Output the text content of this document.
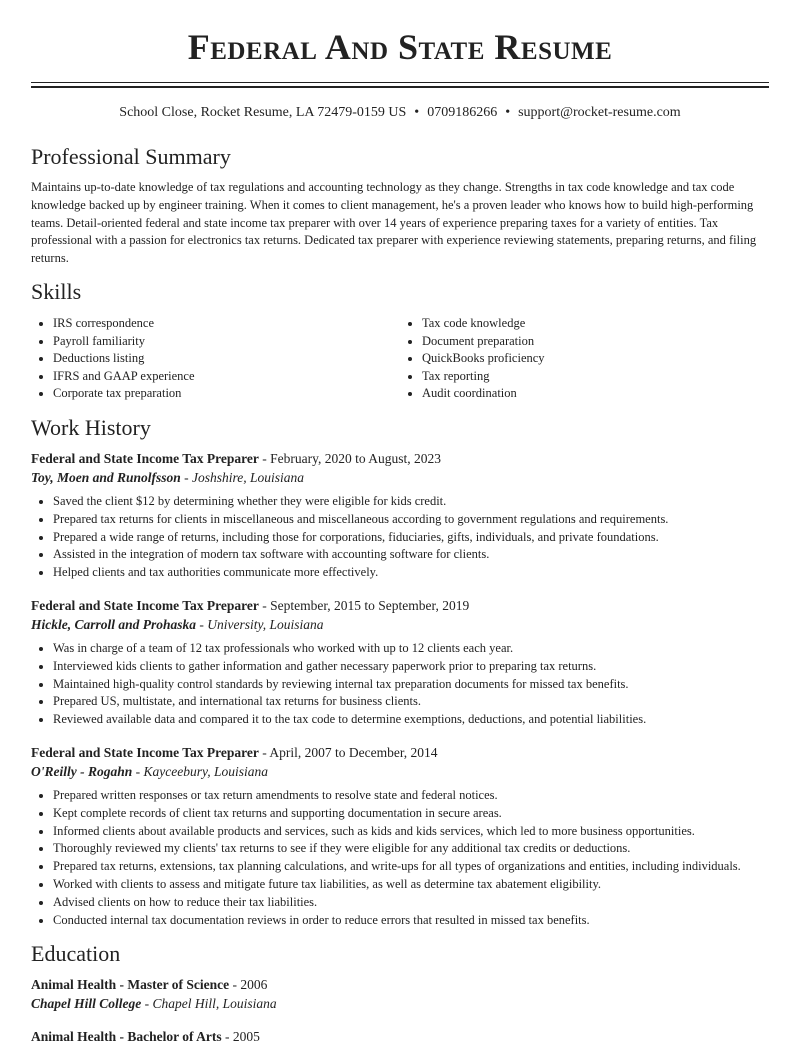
Federal And State Resume
School Close, Rocket Resume, LA 72479-0159 US • 0709186266 • support@rocket-resume.com
Professional Summary

Maintains up-to-date knowledge of tax regulations and accounting technology as they change. Strengths in tax code knowledge and tax code knowledge backed up by engineer training. When it comes to client management, he's a proven leader who knows how to build high-performing teams. Detail-oriented federal and state income tax preparer with over 14 years of experience preparing taxes for a variety of entities. Tax professional with a passion for electronics tax returns. Dedicated tax preparer with experience reviewing statements, preparing returns, and filing returns.

Skills
• IRS correspondence
• Payroll familiarity
• Deductions listing
• IFRS and GAAP experience
• Corporate tax preparation
• Tax code knowledge
• Document preparation
• QuickBooks proficiency
• Tax reporting
• Audit coordination
Work History
Federal and State Income Tax Preparer - February, 2020 to August, 2023
Toy, Moen and Runolfsson - Joshshire, Louisiana
• Saved the client $12 by determining whether they were eligible for kids credit.
• Prepared tax returns for clients in miscellaneous and miscellaneous according to government regulations and requirements.
• Prepared a wide range of returns, including those for corporations, fiduciaries, gifts, individuals, and private foundations.
• Assisted in the integration of modern tax software with accounting software for clients.
• Helped clients and tax authorities communicate more effectively.
Federal and State Income Tax Preparer - September, 2015 to September, 2019
Hickle, Carroll and Prohaska - University, Louisiana
• Was in charge of a team of 12 tax professionals who worked with up to 12 clients each year.
• Interviewed kids clients to gather information and gather necessary paperwork prior to preparing tax returns.
• Maintained high-quality control standards by reviewing internal tax preparation documents for missed tax benefits.
• Prepared US, multistate, and international tax returns for business clients.
• Reviewed available data and compared it to the tax code to determine exemptions, deductions, and potential liabilities.
Federal and State Income Tax Preparer - April, 2007 to December, 2014
O'Reilly - Rogahn - Kayceebury, Louisiana
• Prepared written responses or tax return amendments to resolve state and federal notices.
• Kept complete records of client tax returns and supporting documentation in secure areas.
• Informed clients about available products and services, such as kids and kids services, which led to more business opportunities.
• Thoroughly reviewed my clients' tax returns to see if they were eligible for any additional tax credits or deductions.
• Prepared tax returns, extensions, tax planning calculations, and write-ups for all types of organizations and entities, including individuals.
• Worked with clients to assess and mitigate future tax liabilities, as well as determine tax abatement eligibility.
• Advised clients on how to reduce their tax liabilities.
• Conducted internal tax documentation reviews in order to reduce errors that resulted in missed tax benefits.
Education
Animal Health - Master of Science - 2006
Chapel Hill College - Chapel Hill, Louisiana
Animal Health - Bachelor of Arts - 2005
